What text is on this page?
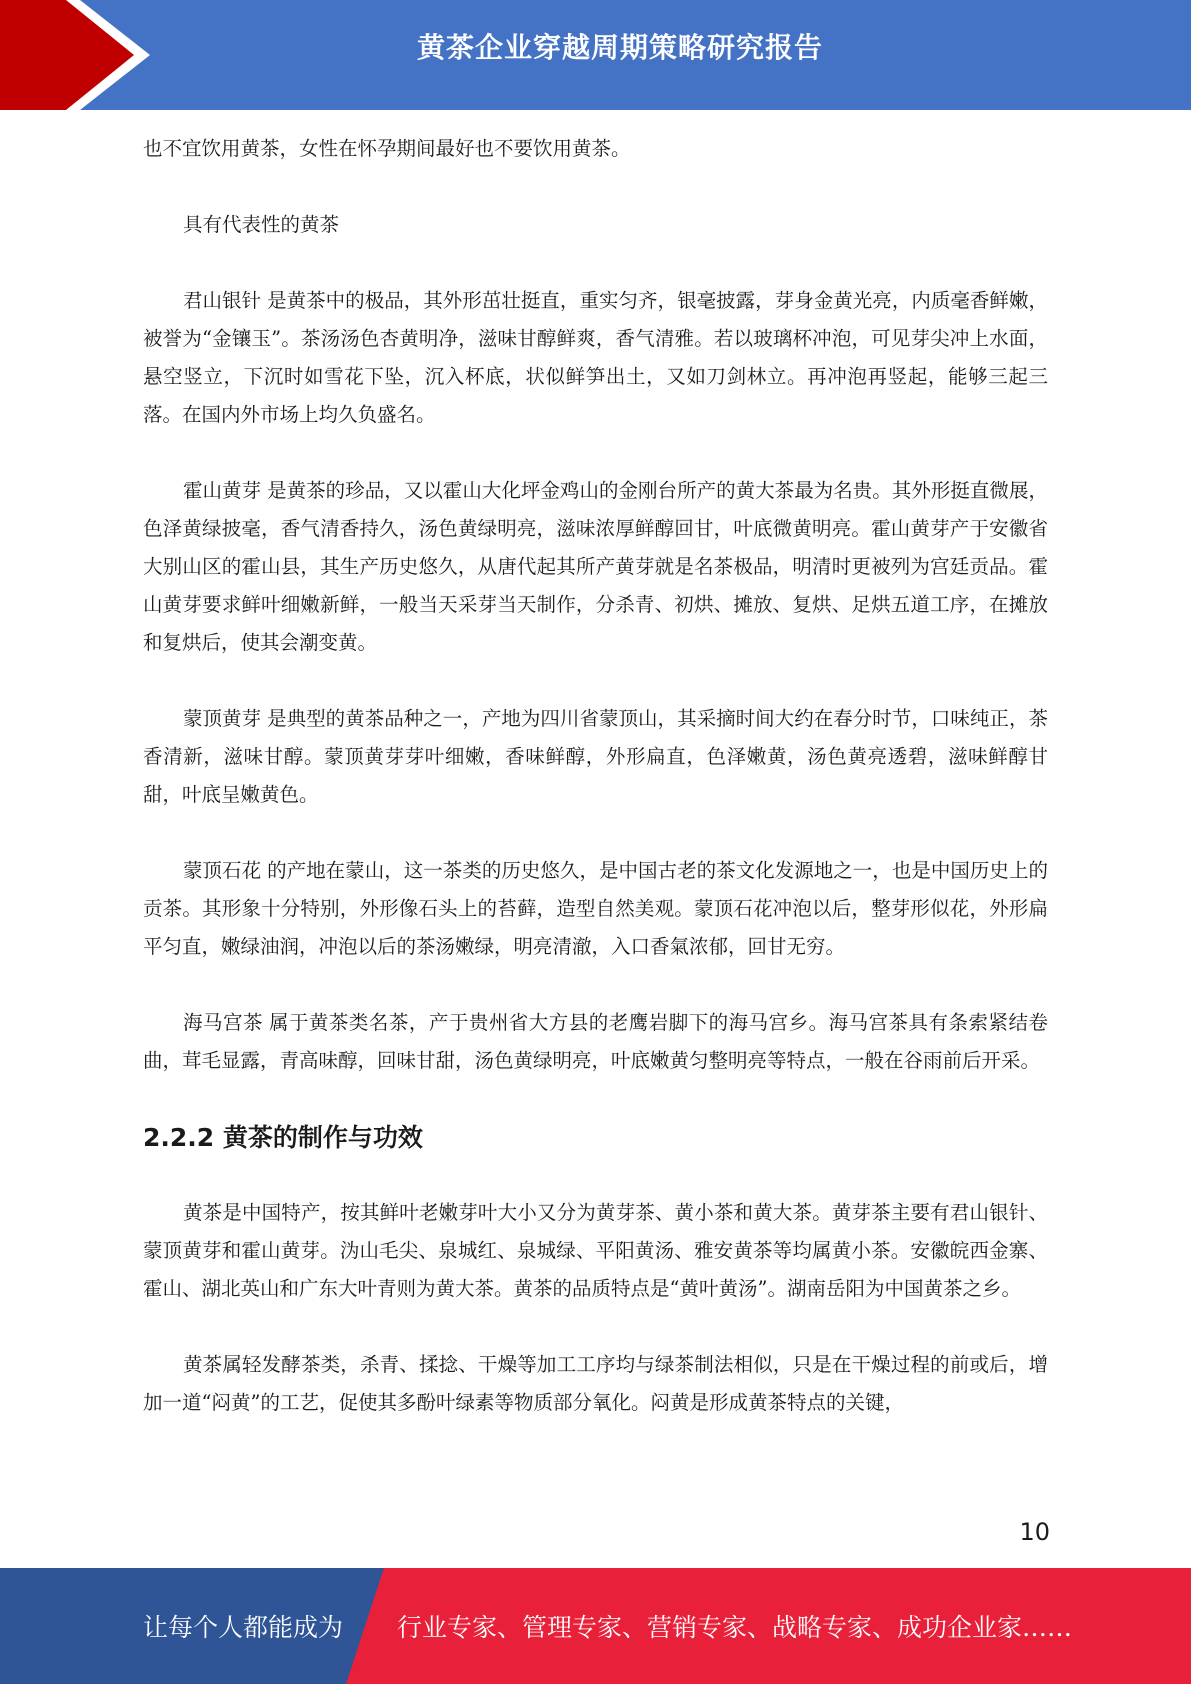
黄茶企业穿越周期策略研究报告

也不宜饮用黄茶，女性在怀孕期间最好也不要饮用黄茶。

具有代表性的黄茶

君山银针 是黄茶中的极品，其外形茁壮挺直，重实匀齐，银毫披露，芽身金黄光亮，内质毫香鲜嫩，被誉为“金镶玉”。茶汤汤色杏黄明净，滋味甘醇鲜爽，香气清雅。若以玻璃杯冲泡，可见芽尖冲上水面，悬空竖立，下沉时如雪花下坠，沉入杯底，状似鲜笋出土，又如刀剑林立。再冲泡再竖起，能够三起三落。在国内外市场上均久负盛名。

霍山黄芽 是黄茶的珍品，又以霍山大化坪金鸡山的金刚台所产的黄大茶最为名贵。其外形挺直微展，色泽黄绿披毫，香气清香持久，汤色黄绿明亮，滋味浓厚鲜醇回甘，叶底微黄明亮。霍山黄芽产于安徽省大别山区的霍山县，其生产历史悠久，从唐代起其所产黄芽就是名茶极品，明清时更被列为宫廷贡品。霍山黄芽要求鲜叶细嫩新鲜，一般当天采芽当天制作，分杀青、初烘、摊放、复烘、足烘五道工序，在摊放和复烘后，使其会潮变黄。

蒙顶黄芽 是典型的黄茶品种之一，产地为四川省蒙顶山，其采摘时间大约在春分时节，口味纯正，茶香清新，滋味甘醇。蒙顶黄芽芽叶细嫩，香味鲜醇，外形扁直，色泽嫩黄，汤色黄亮透碧，滋味鲜醇甘甜，叶底呈嫩黄色。

蒙顶石花 的产地在蒙山，这一茶类的历史悠久，是中国古老的茶文化发源地之一，也是中国历史上的贡茶。其形象十分特别，外形像石头上的苔藓，造型自然美观。蒙顶石花冲泡以后，整芽形似花，外形扁平匀直，嫩绿油润，冲泡以后的茶汤嫩绿，明亮清澈，入口香氣浓郁，回甘无穷。

海马宫茶 属于黄茶类名茶，产于贵州省大方县的老鹰岩脚下的海马宫乡。海马宫茶具有条索紧结卷曲，茸毛显露，青高味醇，回味甘甜，汤色黄绿明亮，叶底嫩黄匀整明亮等特点，一般在谷雨前后开采。

2.2.2 黄茶的制作与功效

黄茶是中国特产，按其鲜叶老嫩芽叶大小又分为黄芽茶、黄小茶和黄大茶。黄芽茶主要有君山银针、蒙顶黄芽和霍山黄芽。沩山毛尖、泉城红、泉城绿、平阳黄汤、雅安黄茶等均属黄小茶。安徽皖西金寨、霍山、湖北英山和广东大叶青则为黄大茶。黄茶的品质特点是“黄叶黄汤”。湖南岳阳为中国黄茶之乡。

黄茶属轻发酵茶类，杀青、揉捻、干燥等加工工序均与绿茶制法相似，只是在干燥过程的前或后，增加一道“闷黄”的工艺，促使其多酚叶绿素等物质部分氧化。闷黄是形成黄茶特点的关键，

10
让每个人都能成为 行业专家、管理专家、营销专家、战略专家、成功企业家……
